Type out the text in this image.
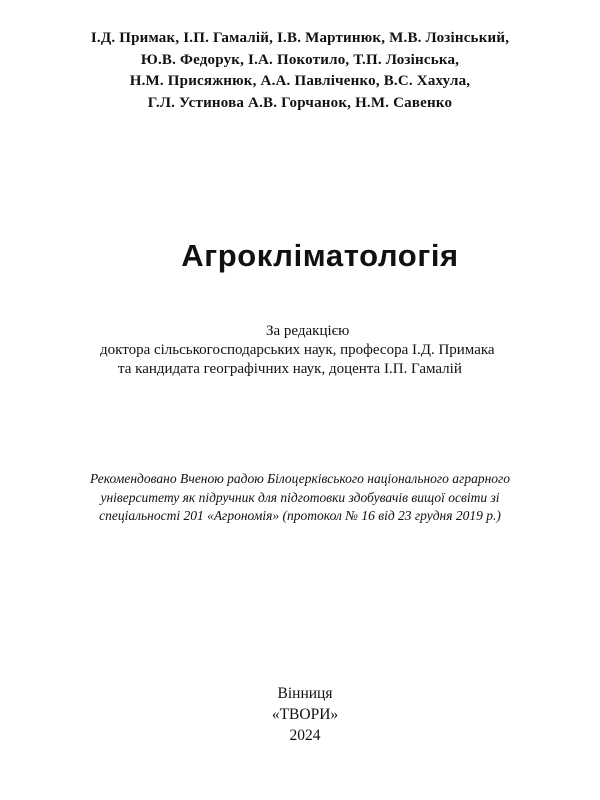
І.Д. Примак, І.П. Гамалій, І.В. Мартинюк, М.В. Лозінський,
Ю.В. Федорук, І.А. Покотило, Т.П. Лозінська,
Н.М. Присяжнюк, А.А. Павліченко, В.С. Хахула,
Г.Л. Устинова А.В. Горчанок, Н.М. Савенко
Агрокліматологія
За редакцією
доктора сільськогосподарських наук, професора І.Д. Примака
та кандидата географічних наук, доцента І.П. Гамалій
Рекомендовано Вченою радою Білоцерківського національного аграрного
університету як підручник для підготовки здобувачів вищої освіти зі
спеціальності 201 «Агрономія» (протокол № 16 від 23 грудня 2019 р.)
Вінниця
«ТВОРИ»
2024
